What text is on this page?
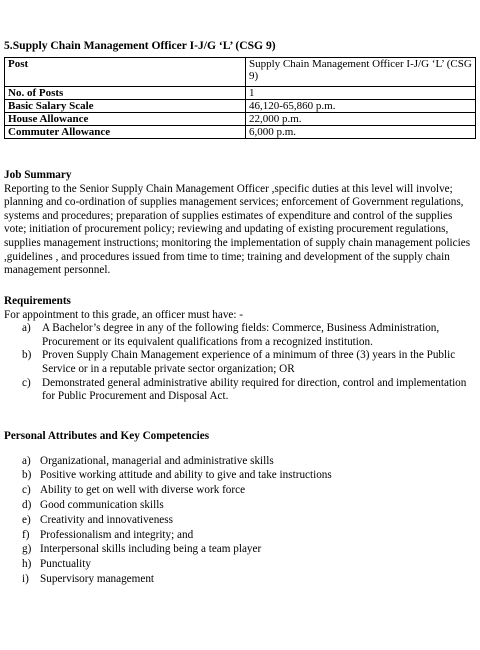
5.Supply Chain Management Officer I-J/G ‘L’ (CSG 9)
Post	Supply Chain Management Officer I-J/G ‘L’ (CSG 9)
No. of Posts	1
Basic Salary Scale	46,120-65,860 p.m.
House Allowance	22,000 p.m.
Commuter Allowance	6,000 p.m.
Job Summary
Reporting to the Senior Supply Chain Management Officer ,specific duties at this level will involve; planning and co-ordination of supplies management services; enforcement of Government regulations, systems and procedures; preparation of supplies estimates of expenditure and control of the supplies vote; initiation of procurement policy; reviewing and updating of existing procurement regulations, supplies management instructions; monitoring the implementation of supply chain management policies ,guidelines , and procedures issued from time to time; training and development of the supply chain management personnel.
Requirements
For appointment to this grade, an officer must have: -
a) A Bachelor’s degree in any of the following fields: Commerce, Business Administration, Procurement or its equivalent qualifications from a recognized institution.
b) Proven Supply Chain Management experience of a minimum of three (3) years in the Public Service or in a reputable private sector organization; OR
c) Demonstrated general administrative ability required for direction, control and implementation for Public Procurement and Disposal Act.
Personal Attributes and Key Competencies
a) Organizational, managerial and administrative skills
b) Positive working attitude and ability to give and take instructions
c) Ability to get on well with diverse work force
d) Good communication skills
e) Creativity and innovativeness
f) Professionalism and integrity; and
g) Interpersonal skills including being a team player
h) Punctuality
i) Supervisory management
